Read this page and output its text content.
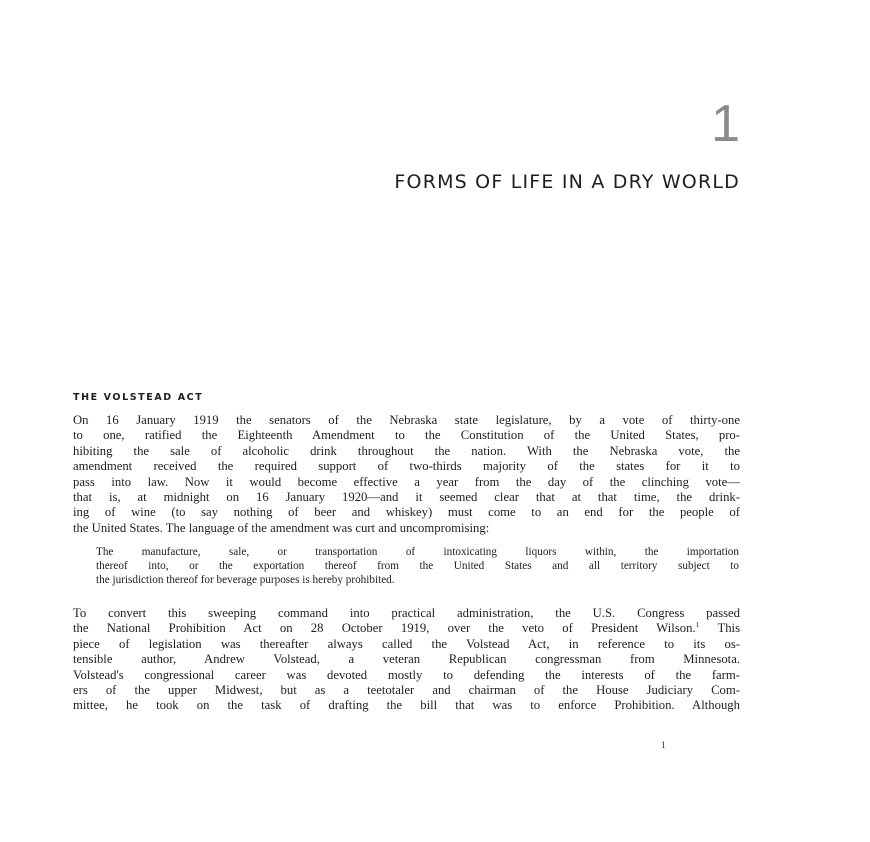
1
FORMS OF LIFE IN A DRY WORLD
THE VOLSTEAD ACT
On 16 January 1919 the senators of the Nebraska state legislature, by a vote of thirty-one
to one, ratified the Eighteenth Amendment to the Constitution of the United States, pro-
hibiting the sale of alcoholic drink throughout the nation. With the Nebraska vote, the
amendment received the required support of two-thirds majority of the states for it to
pass into law. Now it would become effective a year from the day of the clinching vote—
that is, at midnight on 16 January 1920—and it seemed clear that at that time, the drink-
ing of wine (to say nothing of beer and whiskey) must come to an end for the people of
the United States. The language of the amendment was curt and uncompromising:
The manufacture, sale, or transportation of intoxicating liquors within, the importation
thereof into, or the exportation thereof from the United States and all territory subject to
the jurisdiction thereof for beverage purposes is hereby prohibited.
To convert this sweeping command into practical administration, the U.S. Congress passed
the National Prohibition Act on 28 October 1919, over the veto of President Wilson.$^1$ This
piece of legislation was thereafter always called the Volstead Act, in reference to its os-
tensible author, Andrew Volstead, a veteran Republican congressman from Minnesota.
Volstead's congressional career was devoted mostly to defending the interests of the farm-
ers of the upper Midwest, but as a teetotaler and chairman of the House Judiciary Com-
mittee, he took on the task of drafting the bill that was to enforce Prohibition. Although
1
